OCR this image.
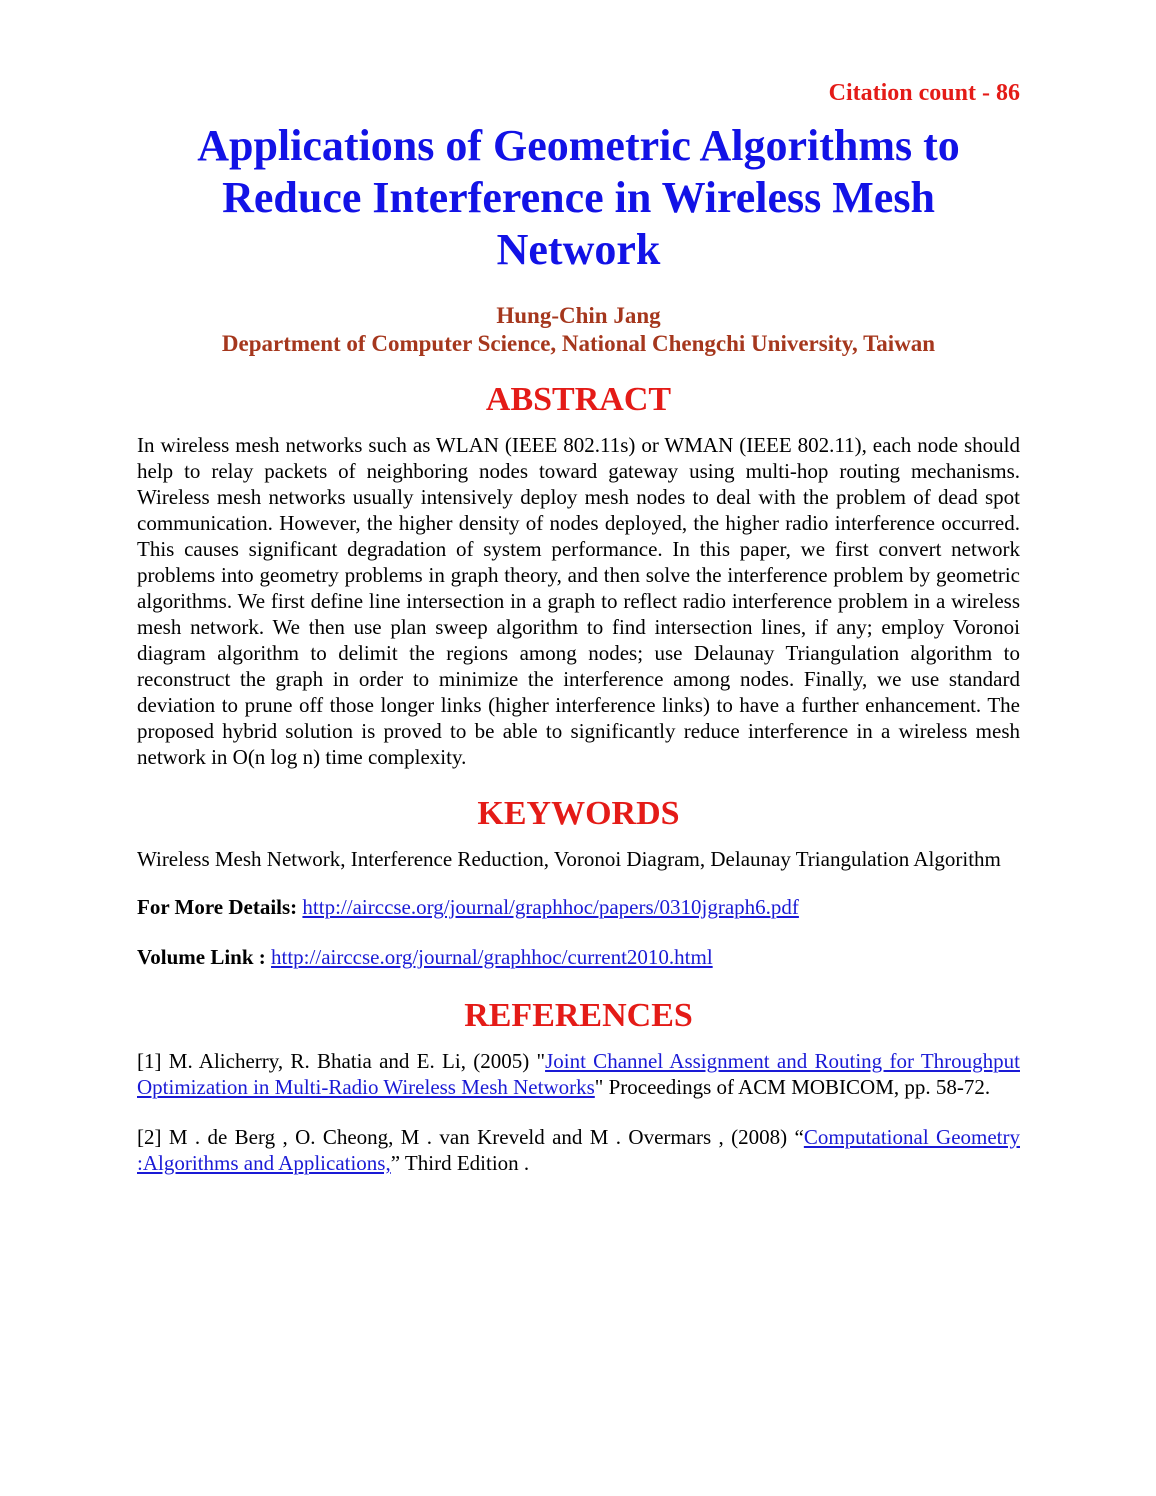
Citation count - 86

Applications of Geometric Algorithms to
Reduce Interference in Wireless Mesh
Network

Hung-Chin Jang

Department of Computer Science, National Chengchi University, Taiwan

ABSTRACT

In wireless mesh networks such as WLAN (IEEE 802.11s) or WMAN (IEEE 802.11), each node should help to relay packets of neighboring nodes toward gateway using multi-hop routing mechanisms. Wireless mesh networks usually intensively deploy mesh nodes to deal with the problem of dead spot communication. However, the higher density of nodes deployed, the higher radio interference occurred. This causes significant degradation of system performance. In this paper, we first convert network problems into geometry problems in graph theory, and then solve the interference problem by geometric algorithms. We first define line intersection in a graph to reflect radio interference problem in a wireless mesh network. We then use plan sweep algorithm to find intersection lines, if any; employ Voronoi diagram algorithm to delimit the regions among nodes; use Delaunay Triangulation algorithm to reconstruct the graph in order to minimize the interference among nodes. Finally, we use standard deviation to prune off those longer links (higher interference links) to have a further enhancement. The proposed hybrid solution is proved to be able to significantly reduce interference in a wireless mesh network in O(n log n) time complexity.

KEYWORDS

Wireless Mesh Network, Interference Reduction, Voronoi Diagram, Delaunay Triangulation Algorithm

For More Details: http://airccse.org/journal/graphhoc/papers/0310jgraph6.pdf

Volume Link : http://airccse.org/journal/graphhoc/current2010.html

REFERENCES

[1] M. Alicherry, R. Bhatia and E. Li, (2005) "Joint Channel Assignment and Routing for Throughput Optimization in Multi-Radio Wireless Mesh Networks" Proceedings of ACM MOBICOM, pp. 58-72.

[2] M . de Berg , O. Cheong, M . van Kreveld and M . Overmars , (2008) “Computational Geometry :Algorithms and Applications,” Third Edition .
